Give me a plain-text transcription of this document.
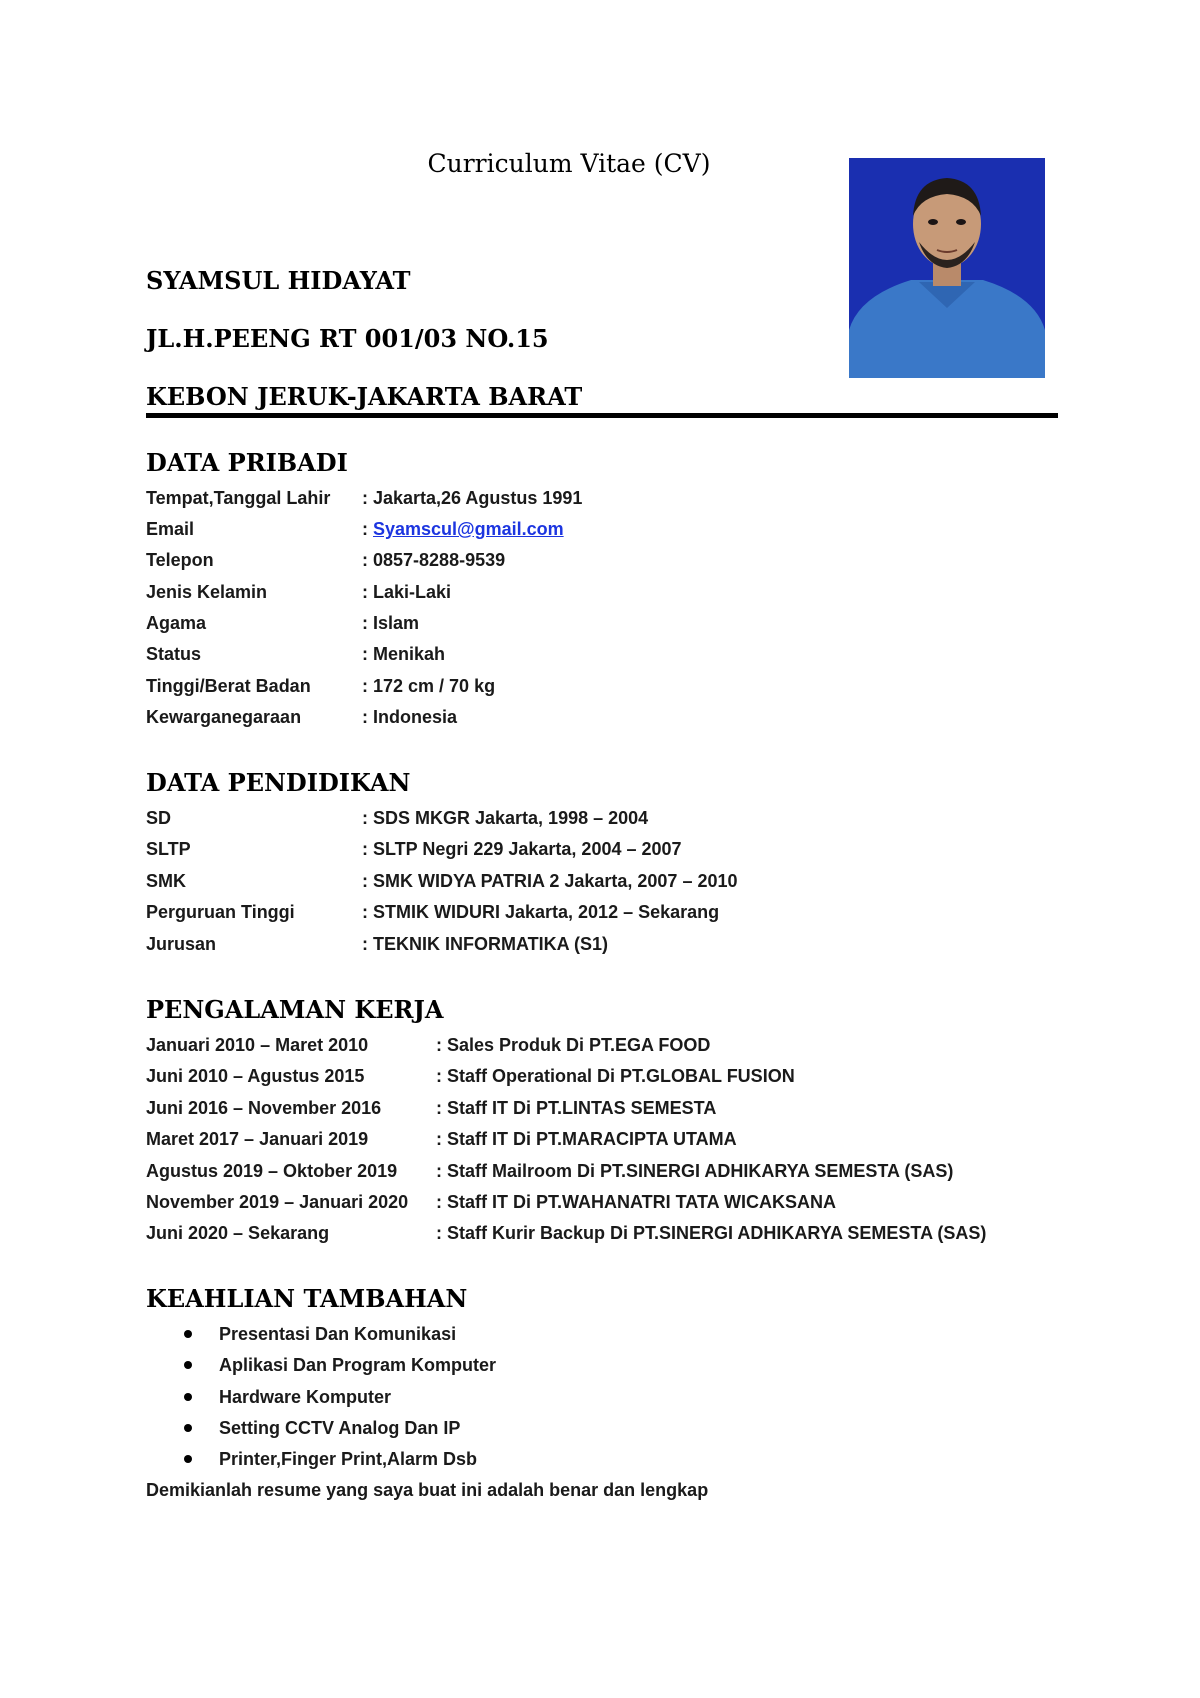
Curriculum Vitae (CV)
SYAMSUL HIDAYAT
JL.H.PEENG RT 001/03 NO.15
KEBON JERUK-JAKARTA BARAT
DATA PRIBADI
Tempat,Tanggal Lahir : Jakarta,26 Agustus 1991
Email	: Syamscul@gmail.com
Telepon	: 0857-8288-9539
Jenis Kelamin	: Laki-Laki
Agama	: Islam
Status	: Menikah
Tinggi/Berat Badan	: 172 cm / 70 kg
Kewarganegaraan	: Indonesia
DATA PENDIDIKAN
SD	: SDS MKGR Jakarta, 1998 – 2004
SLTP	: SLTP Negri 229 Jakarta, 2004 – 2007
SMK	: SMK WIDYA PATRIA 2 Jakarta, 2007 – 2010
Perguruan Tinggi	: STMIK WIDURI Jakarta, 2012 – Sekarang
Jurusan	: TEKNIK INFORMATIKA (S1)
PENGALAMAN KERJA
Januari 2010 – Maret 2010	: Sales Produk Di PT.EGA FOOD
Juni 2010 – Agustus 2015	: Staff Operational Di PT.GLOBAL FUSION
Juni 2016 – November 2016	: Staff IT Di PT.LINTAS SEMESTA
Maret 2017 – Januari 2019	: Staff IT Di PT.MARACIPTA UTAMA
Agustus 2019 – Oktober 2019 : Staff Mailroom Di PT.SINERGI ADHIKARYA SEMESTA (SAS)
November 2019 – Januari 2020 : Staff IT Di PT.WAHANATRI TATA WICAKSANA
Juni 2020 – Sekarang	: Staff Kurir Backup Di PT.SINERGI ADHIKARYA SEMESTA (SAS)
KEAHLIAN TAMBAHAN
Presentasi Dan Komunikasi
Aplikasi Dan Program Komputer
Hardware Komputer
Setting CCTV Analog Dan IP
Printer,Finger Print,Alarm Dsb
Demikianlah resume yang saya buat ini adalah benar dan lengkap
